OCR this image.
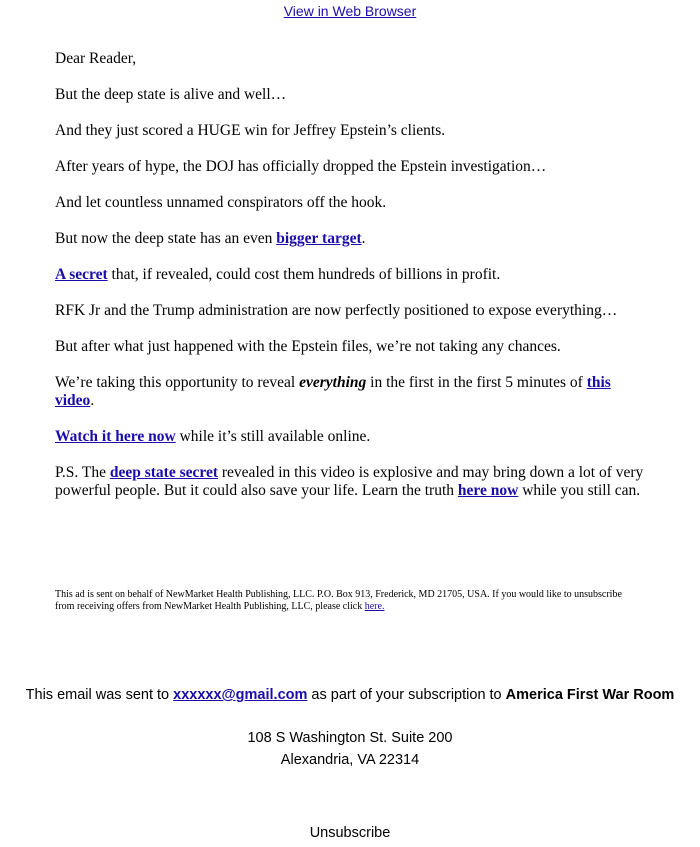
View in Web Browser

Dear Reader,

But the deep state is alive and well…

And they just scored a HUGE win for Jeffrey Epstein’s clients.

After years of hype, the DOJ has officially dropped the Epstein investigation…

And let countless unnamed conspirators off the hook.

But now the deep state has an even bigger target.

A secret that, if revealed, could cost them hundreds of billions in profit.

RFK Jr and the Trump administration are now perfectly positioned to expose everything…

But after what just happened with the Epstein files, we’re not taking any chances.

We’re taking this opportunity to reveal everything in the first in the first 5 minutes of this video.

Watch it here now while it’s still available online.

P.S. The deep state secret revealed in this video is explosive and may bring down a lot of very powerful people. But it could also save your life. Learn the truth here now while you still can.

This ad is sent on behalf of NewMarket Health Publishing, LLC. P.O. Box 913, Frederick, MD 21705, USA. If you would like to unsubscribe from receiving offers from NewMarket Health Publishing, LLC, please click here.
This email was sent to xxxxxx@gmail.com as part of your subscription to America First War Room
108 S Washington St. Suite 200
Alexandria, VA 22314
Unsubscribe
